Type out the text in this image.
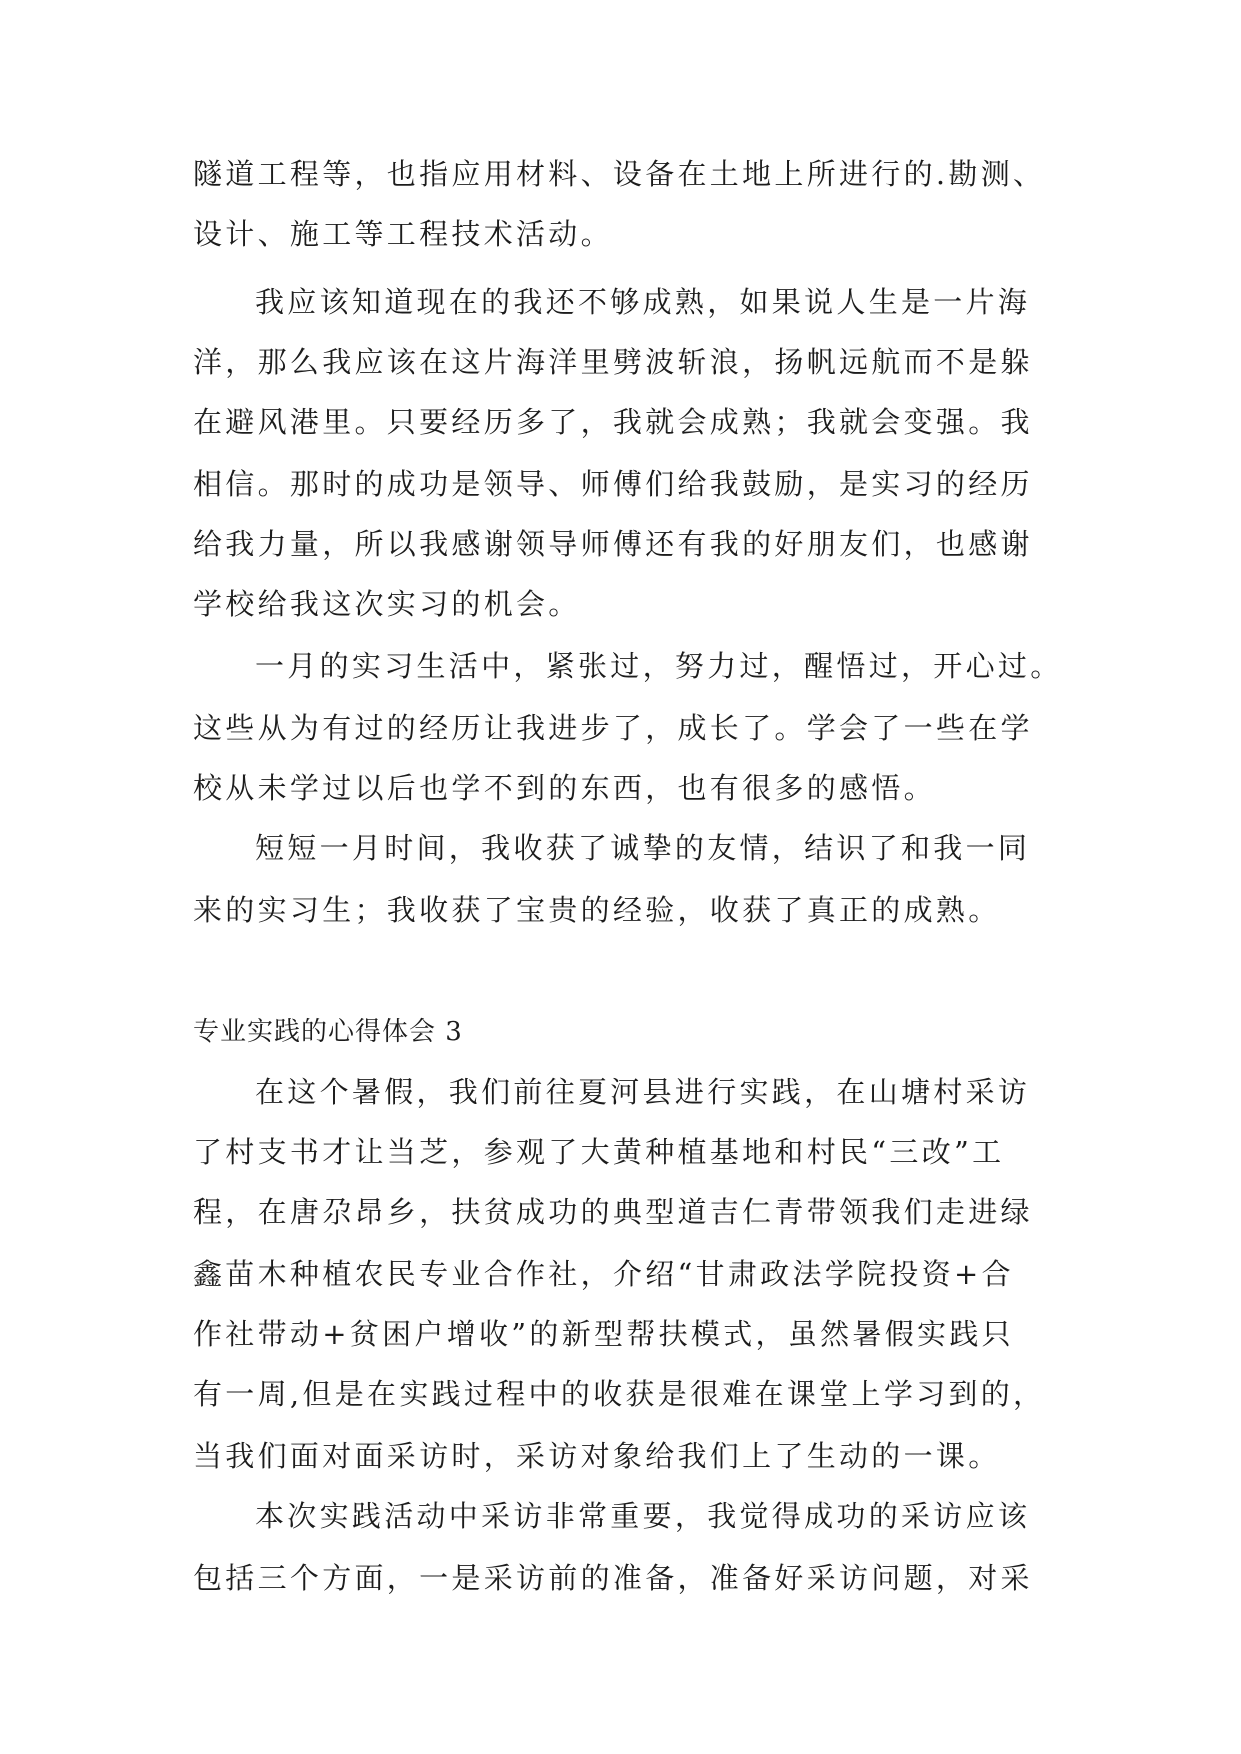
隧道工程等，也指应用材料、设备在土地上所进行的.勘测、
设计、施工等工程技术活动。
我应该知道现在的我还不够成熟，如果说人生是一片海
洋，那么我应该在这片海洋里劈波斩浪，扬帆远航而不是躲
在避风港里。只要经历多了，我就会成熟；我就会变强。我
相信。那时的成功是领导、师傅们给我鼓励，是实习的经历
给我力量，所以我感谢领导师傅还有我的好朋友们，也感谢
学校给我这次实习的机会。
一月的实习生活中，紧张过，努力过，醒悟过，开心过。
这些从为有过的经历让我进步了，成长了。学会了一些在学
校从未学过以后也学不到的东西，也有很多的感悟。
短短一月时间，我收获了诚挚的友情，结识了和我一同
来的实习生；我收获了宝贵的经验，收获了真正的成熟。
专业实践的心得体会 3
在这个暑假，我们前往夏河县进行实践，在山塘村采访
了村支书才让当芝，参观了大黄种植基地和村民“三改”工
程，在唐尕昂乡，扶贫成功的典型道吉仁青带领我们走进绿
鑫苗木种植农民专业合作社，介绍“甘肃政法学院投资+合
作社带动+贫困户增收”的新型帮扶模式，虽然暑假实践只
有一周,但是在实践过程中的收获是很难在课堂上学习到的，
当我们面对面采访时，采访对象给我们上了生动的一课。
本次实践活动中采访非常重要，我觉得成功的采访应该
包括三个方面，一是采访前的准备，准备好采访问题，对采
